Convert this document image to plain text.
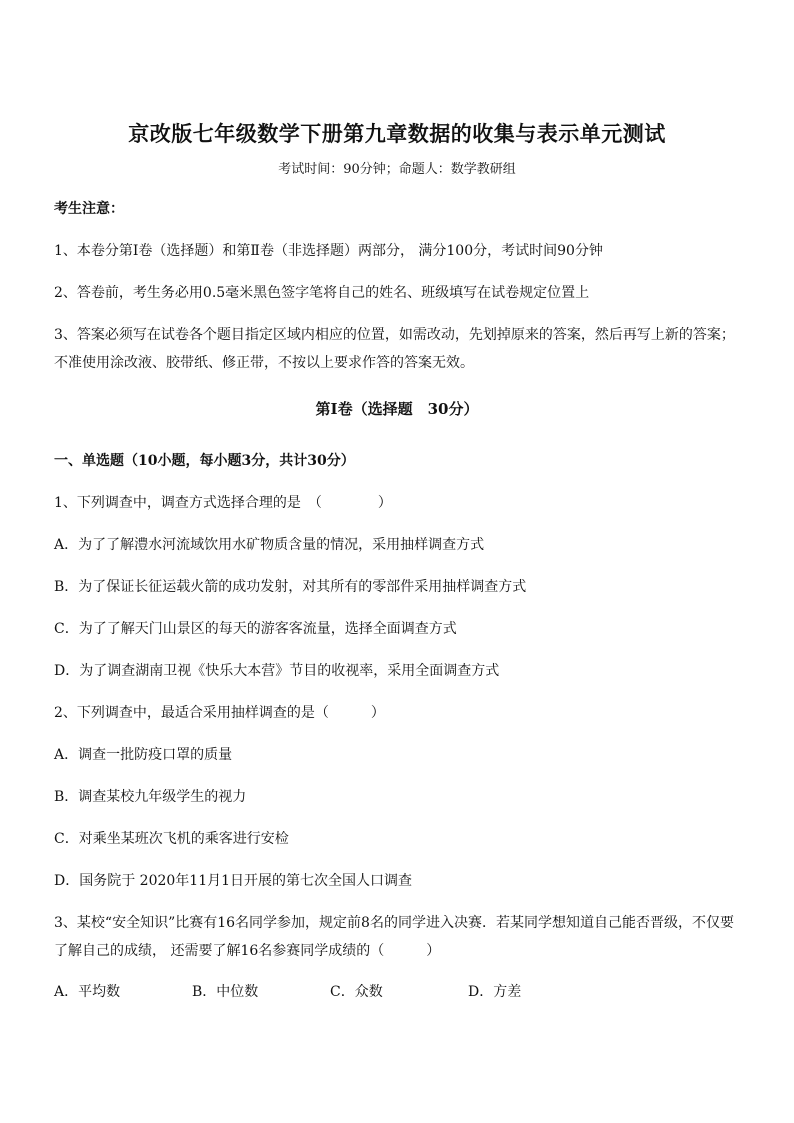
京改版七年级数学下册第九章数据的收集与表示单元测试
考试时间：90分钟；命题人：数学教研组
考生注意：
1、本卷分第Ⅰ卷（选择题）和第Ⅱ卷（非选择题）两部分， 满分100分，考试时间90分钟
2、答卷前，考生务必用0.5毫米黑色签字笔将自己的姓名、班级填写在试卷规定位置上
3、答案必须写在试卷各个题目指定区域内相应的位置，如需改动，先划掉原来的答案，然后再写上新的答案；不准使用涂改液、胶带纸、修正带，不按以上要求作答的答案无效。
第Ⅰ卷（选择题　30分）
一、单选题（10小题，每小题3分，共计30分）
1、下列调查中，调查方式选择合理的是　（　　　　）
A．为了了解澧水河流域饮用水矿物质含量的情况，采用抽样调查方式
B．为了保证长征运载火箭的成功发射，对其所有的零部件采用抽样调查方式
C．为了了解天门山景区的每天的游客客流量，选择全面调查方式
D．为了调查湖南卫视《快乐大本营》节目的收视率，采用全面调查方式
2、下列调查中，最适合采用抽样调查的是（　　　）
A．调查一批防疫口罩的质量
B．调查某校九年级学生的视力
C．对乘坐某班次飞机的乘客进行安检
D．国务院于 2020年11月1日开展的第七次全国人口调查
3、某校“安全知识”比赛有16名同学参加，规定前8名的同学进入决赛．若某同学想知道自己能否晋级，不仅要了解自己的成绩， 还需要了解16名参赛同学成绩的（　　　）
A．平均数	B．中位数	C．众数	D．方差
